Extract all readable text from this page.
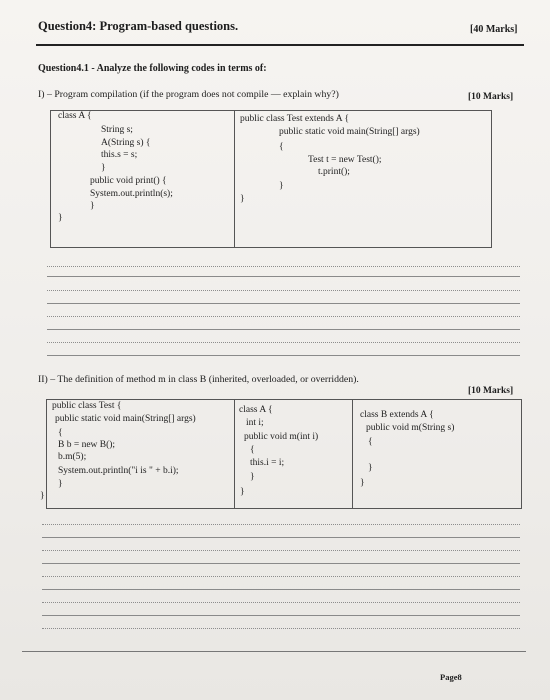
Question4: Program-based questions.	[40 Marks]
Question4.1 - Analyze the following codes in terms of:
I) – Program compilation (if the program does not compile — explain why?)	[10 Marks]
class A {
String s;
A(String s) {
this.s = s;
}
public void print() {
System.out.println(s);
}
}
public class Test extends A {
public static void main(String[] args)
{
Test t = new Test();
t.print();
}
}
II) – The definition of method m in class B (inherited, overloaded, or overridden).
[10 Marks]
public class Test {
public static void main(String[] args)
{
B b = new B();
b.m(5);
System.out.println("i is " + b.i);
}
}
class A {
int i;
public void m(int i)
{
this.i = i;
}
}
class B extends A {
public void m(String s)
{
}
}
Page8
